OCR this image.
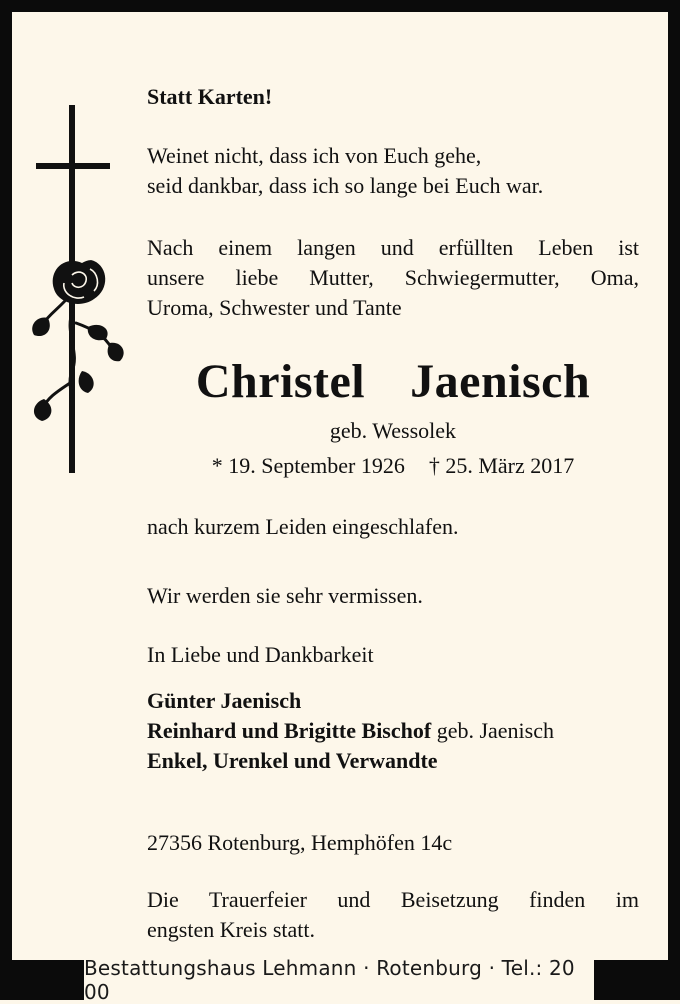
Statt Karten!
Weinet nicht, dass ich von Euch gehe,
seid dankbar, dass ich so lange bei Euch war.
Nach einem langen und erfüllten Leben ist
unsere liebe Mutter, Schwiegermutter, Oma,
Uroma, Schwester und Tante
Christel  Jaenisch
geb. Wessolek
* 19. September 1926 † 25. März 2017
nach kurzem Leiden eingeschlafen.
Wir werden sie sehr vermissen.
In Liebe und Dankbarkeit
Günter Jaenisch
Reinhard und Brigitte Bischof geb. Jaenisch
Enkel, Urenkel und Verwandte
27356 Rotenburg, Hemphöfen 14c
Die Trauerfeier und Beisetzung finden im
engsten Kreis statt.
Bestattungshaus Lehmann · Rotenburg · Tel.: 20 00
